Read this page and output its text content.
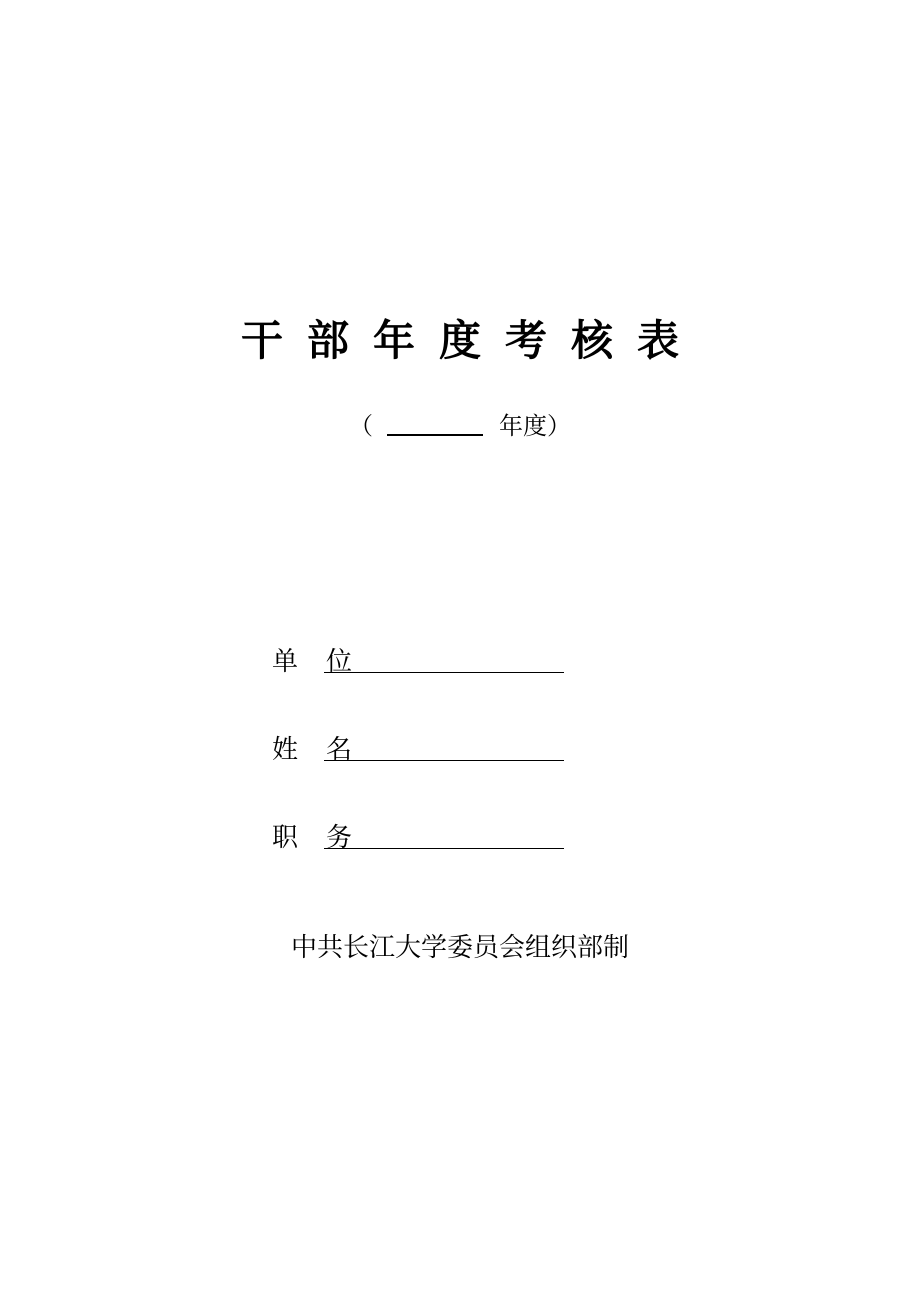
干部年度考核表
（	年度）
单位
姓名
职务
中共长江大学委员会组织部制
